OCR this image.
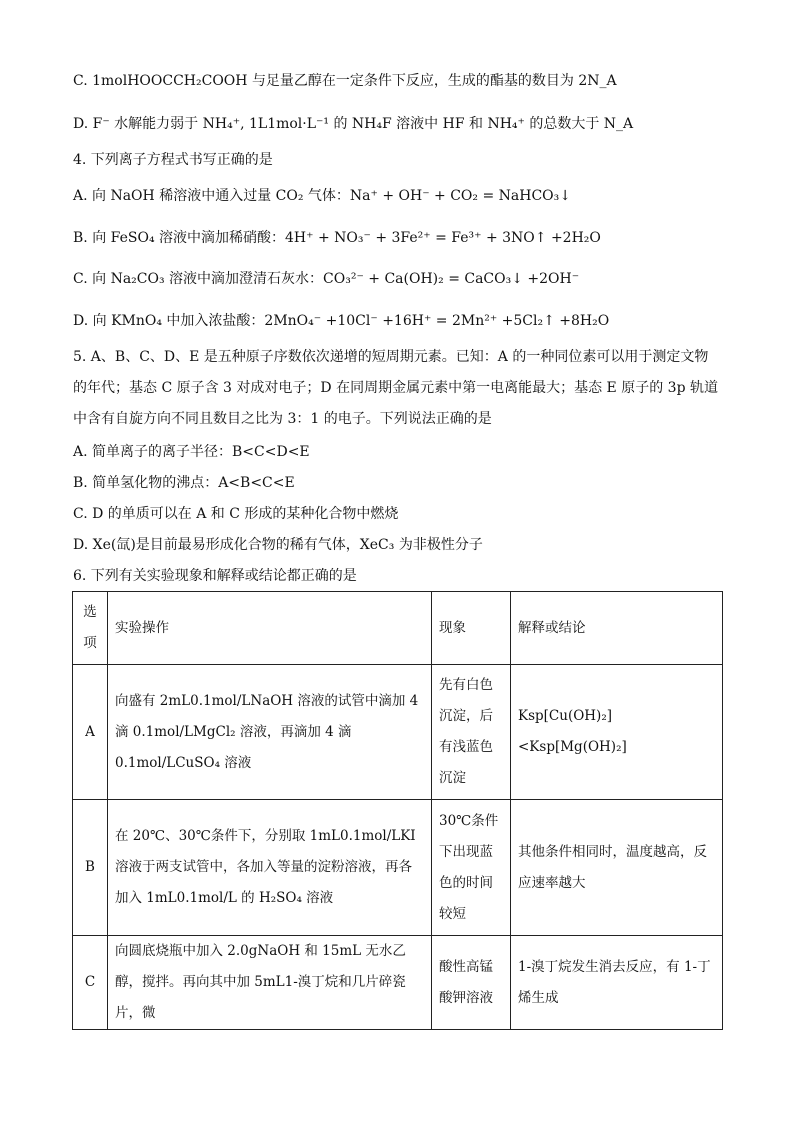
C. 1molHOOCCH₂COOH 与足量乙醇在一定条件下反应，生成的酯基的数目为 2N_A
D. F⁻ 水解能力弱于 NH₄⁺, 1L1mol·L⁻¹ 的 NH₄F 溶液中 HF 和 NH₄⁺ 的总数大于 N_A
4. 下列离子方程式书写正确的是
A. 向 NaOH 稀溶液中通入过量 CO₂ 气体：Na⁺ + OH⁻ + CO₂ = NaHCO₃↓
B. 向 FeSO₄ 溶液中滴加稀硝酸：4H⁺ + NO₃⁻ + 3Fe²⁺ = Fe³⁺ + 3NO↑ +2H₂O
C. 向 Na₂CO₃ 溶液中滴加澄清石灰水：CO₃²⁻ + Ca(OH)₂ = CaCO₃↓ +2OH⁻
D. 向 KMnO₄ 中加入浓盐酸：2MnO₄⁻ +10Cl⁻ +16H⁺ = 2Mn²⁺ +5Cl₂↑ +8H₂O
5. A、B、C、D、E 是五种原子序数依次递增的短周期元素。已知：A 的一种同位素可以用于测定文物的年代；基态 C 原子含 3 对成对电子；D 在同周期金属元素中第一电离能最大；基态 E 原子的 3p 轨道中含有自旋方向不同且数目之比为 3：1 的电子。下列说法正确的是
A. 简单离子的离子半径：B<C<D<E
B. 简单氢化物的沸点：A<B<C<E
C. D 的单质可以在 A 和 C 形成的某种化合物中燃烧
D. Xe(氙)是目前最易形成化合物的稀有气体，XeC₃ 为非极性分子
6. 下列有关实验现象和解释或结论都正确的是
选项	实验操作	现象	解释或结论
A	向盛有 2mL0.1mol/LNaOH 溶液的试管中滴加 4 滴 0.1mol/LMgCl₂ 溶液，再滴加 4 滴 0.1mol/LCuSO₄ 溶液	先有白色沉淀，后有浅蓝色沉淀	Ksp[Cu(OH)₂]<Ksp[Mg(OH)₂]
B	在 20℃、30℃条件下，分别取 1mL0.1mol/LKI 溶液于两支试管中，各加入等量的淀粉溶液，再各加入 1mL0.1mol/L 的 H₂SO₄ 溶液	30℃条件下出现蓝色的时间较短	其他条件相同时，温度越高，反应速率越大
C	向圆底烧瓶中加入 2.0gNaOH 和 15mL 无水乙醇，搅拌。再向其中加 5mL1-溴丁烷和几片碎瓷片，微	酸性高锰酸钾溶液	1-溴丁烷发生消去反应，有 1-丁烯生成
